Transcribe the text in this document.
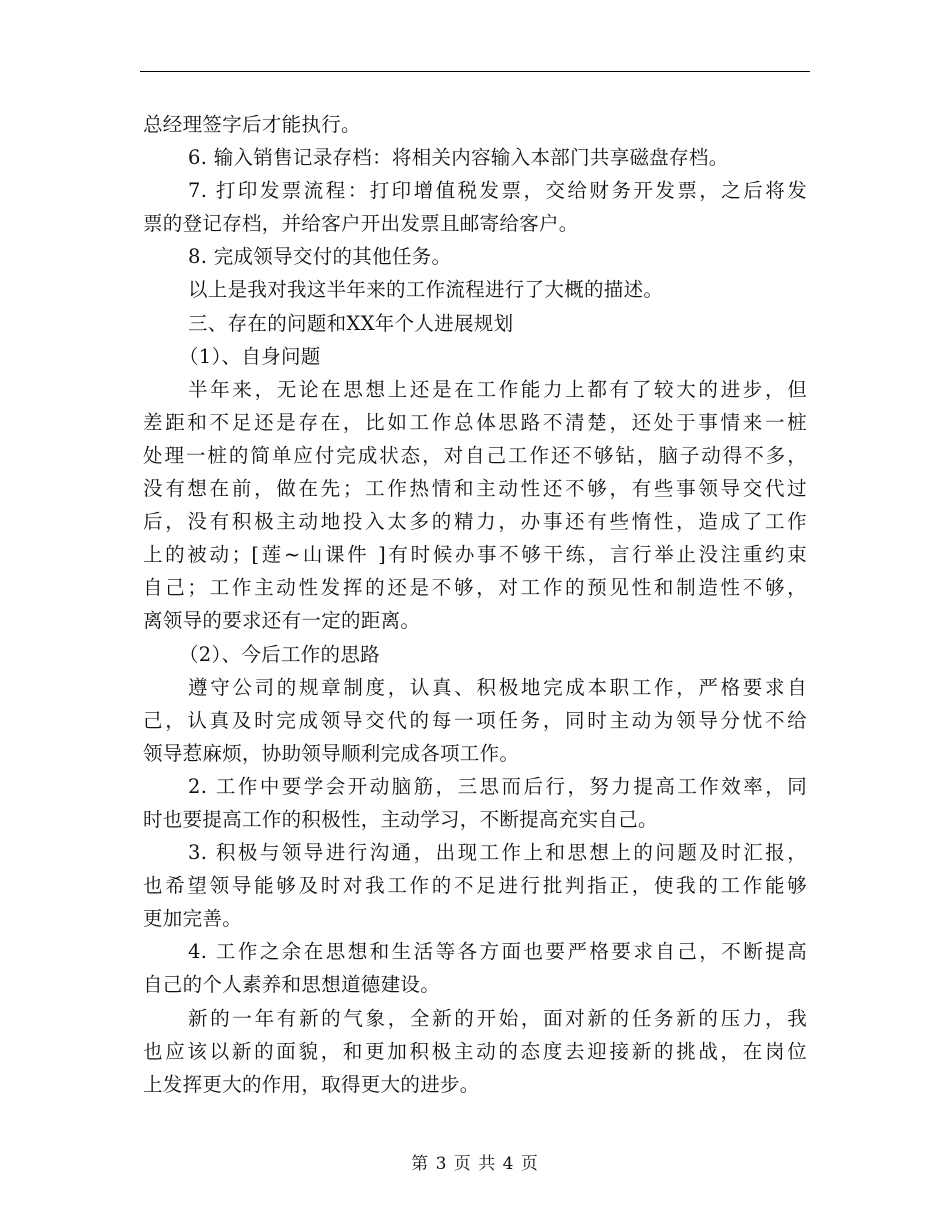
总经理签字后才能执行。
6. 输入销售记录存档：将相关内容输入本部门共享磁盘存档。
7. 打印发票流程：打印增值税发票，交给财务开发票，之后将发
票的登记存档，并给客户开出发票且邮寄给客户。
8. 完成领导交付的其他任务。
以上是我对我这半年来的工作流程进行了大概的描述。
三、存在的问题和XX年个人进展规划
（1）、自身问题
半年来，无论在思想上还是在工作能力上都有了较大的进步，但
差距和不足还是存在，比如工作总体思路不清楚，还处于事情来一桩
处理一桩的简单应付完成状态，对自己工作还不够钻，脑子动得不多，
没有想在前，做在先；工作热情和主动性还不够，有些事领导交代过
后，没有积极主动地投入太多的精力，办事还有些惰性，造成了工作
上的被动；[莲~山课件 ]有时候办事不够干练，言行举止没注重约束
自己；工作主动性发挥的还是不够，对工作的预见性和制造性不够，
离领导的要求还有一定的距离。
（2）、今后工作的思路
遵守公司的规章制度，认真、积极地完成本职工作，严格要求自
己，认真及时完成领导交代的每一项任务，同时主动为领导分忧不给
领导惹麻烦，协助领导顺利完成各项工作。
2. 工作中要学会开动脑筋，三思而后行，努力提高工作效率，同
时也要提高工作的积极性，主动学习，不断提高充实自己。
3. 积极与领导进行沟通，出现工作上和思想上的问题及时汇报，
也希望领导能够及时对我工作的不足进行批判指正，使我的工作能够
更加完善。
4. 工作之余在思想和生活等各方面也要严格要求自己，不断提高
自己的个人素养和思想道德建设。
新的一年有新的气象，全新的开始，面对新的任务新的压力，我
也应该以新的面貌，和更加积极主动的态度去迎接新的挑战，在岗位
上发挥更大的作用，取得更大的进步。
第 3 页 共 4 页
